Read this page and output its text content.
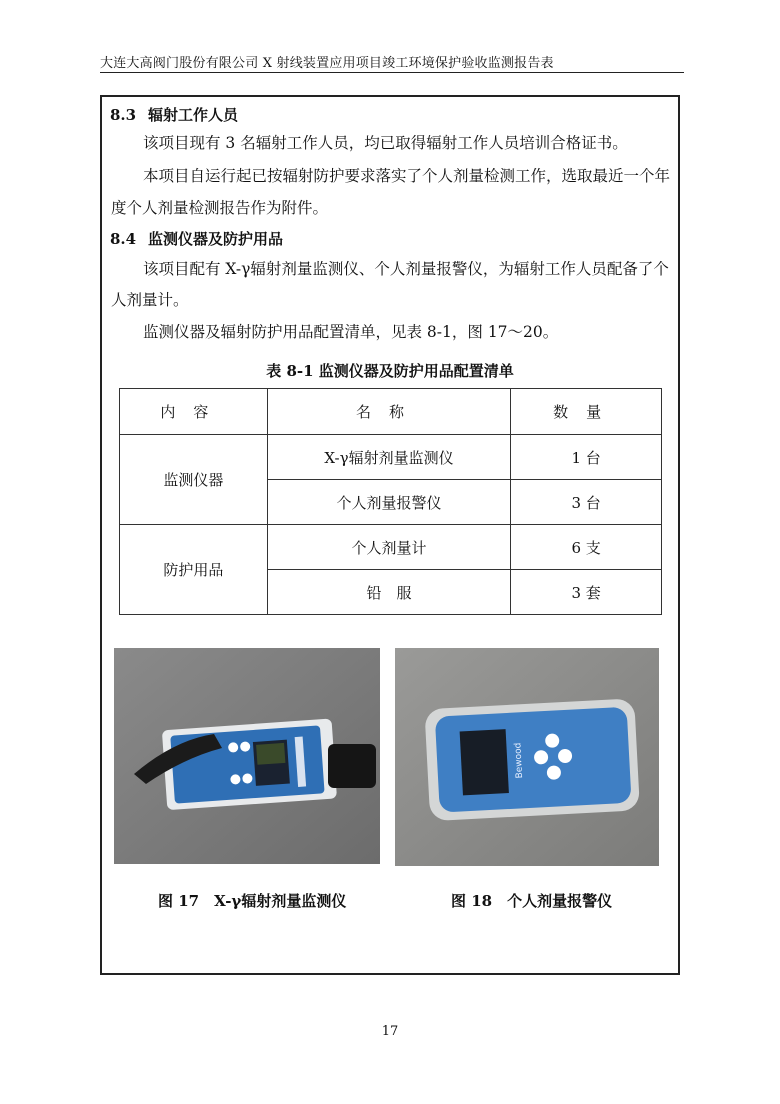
大连大高阀门股份有限公司 X 射线装置应用项目竣工环境保护验收监测报告表
8.3 辐射工作人员
该项目现有 3 名辐射工作人员，均已取得辐射工作人员培训合格证书。
本项目自运行起已按辐射防护要求落实了个人剂量检测工作，选取最近一个年
度个人剂量检测报告作为附件。
8.4 监测仪器及防护用品
该项目配有 X-γ辐射剂量监测仪、个人剂量报警仪，为辐射工作人员配备了个
人剂量计。
监测仪器及辐射防护用品配置清单，见表 8-1，图 17～20。
表 8-1 监测仪器及防护用品配置清单
内容	名称	数量
监测仪器	X-γ辐射剂量监测仪	1 台
	个人剂量报警仪	3 台
防护用品	个人剂量计	6 支
	铅　服	3 套
Bewood
图 17　X-γ辐射剂量监测仪	图 18　个人剂量报警仪
17
